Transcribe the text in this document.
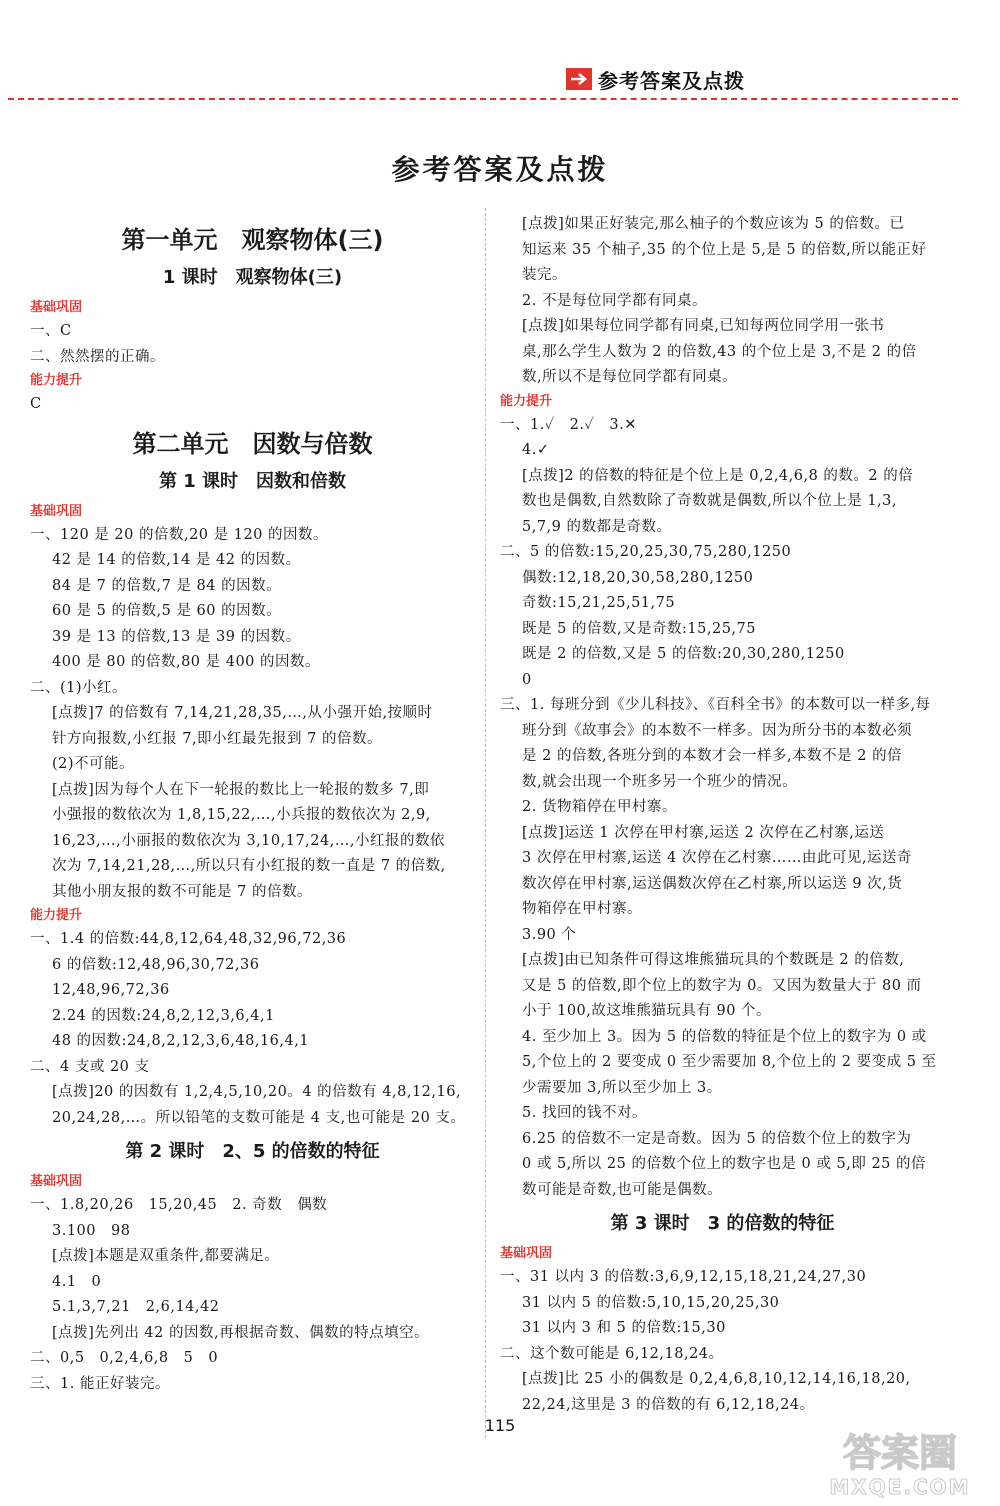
参考答案及点拨
参考答案及点拨
第一单元　观察物体(三)
1 课时　观察物体(三)
基础巩固
一、C
二、然然摆的正确。
能力提升
C
第二单元　因数与倍数
第 1 课时　因数和倍数
基础巩固
一、120 是 20 的倍数,20 是 120 的因数。
42 是 14 的倍数,14 是 42 的因数。
84 是 7 的倍数,7 是 84 的因数。
60 是 5 的倍数,5 是 60 的因数。
39 是 13 的倍数,13 是 39 的因数。
400 是 80 的倍数,80 是 400 的因数。
二、(1)小红。
[点拨]7 的倍数有 7,14,21,28,35,…,从小强开始,按顺时
针方向报数,小红报 7,即小红最先报到 7 的倍数。
(2)不可能。
[点拨]因为每个人在下一轮报的数比上一轮报的数多 7,即
小强报的数依次为 1,8,15,22,…,小兵报的数依次为 2,9,
16,23,…,小丽报的数依次为 3,10,17,24,…,小红报的数依
次为 7,14,21,28,…,所以只有小红报的数一直是 7 的倍数,
其他小朋友报的数不可能是 7 的倍数。
能力提升
一、1.4 的倍数:44,8,12,64,48,32,96,72,36
6 的倍数:12,48,96,30,72,36
12,48,96,72,36
2.24 的因数:24,8,2,12,3,6,4,1
48 的因数:24,8,2,12,3,6,48,16,4,1
二、4 支或 20 支
[点拨]20 的因数有 1,2,4,5,10,20。4 的倍数有 4,8,12,16,
20,24,28,…。所以铅笔的支数可能是 4 支,也可能是 20 支。
第 2 课时　2、5 的倍数的特征
基础巩固
一、1.8,20,26　15,20,45　2. 奇数　偶数
3.100　98
[点拨]本题是双重条件,都要满足。
4.1　0
5.1,3,7,21　2,6,14,42
[点拨]先列出 42 的因数,再根据奇数、偶数的特点填空。
二、0,5　0,2,4,6,8　5　0
三、1. 能正好装完。
[点拨]如果正好装完,那么柚子的个数应该为 5 的倍数。已
知运来 35 个柚子,35 的个位上是 5,是 5 的倍数,所以能正好
装完。
2. 不是每位同学都有同桌。
[点拨]如果每位同学都有同桌,已知每两位同学用一张书
桌,那么学生人数为 2 的倍数,43 的个位上是 3,不是 2 的倍
数,所以不是每位同学都有同桌。
能力提升
一、1.✓　2.✓　3.✕
4.✓
[点拨]2 的倍数的特征是个位上是 0,2,4,6,8 的数。2 的倍
数也是偶数,自然数除了奇数就是偶数,所以个位上是 1,3,
5,7,9 的数都是奇数。
二、5 的倍数:15,20,25,30,75,280,1250
偶数:12,18,20,30,58,280,1250
奇数:15,21,25,51,75
既是 5 的倍数,又是奇数:15,25,75
既是 2 的倍数,又是 5 的倍数:20,30,280,1250
0
三、1. 每班分到《少儿科技》、《百科全书》的本数可以一样多,每
班分到《故事会》的本数不一样多。因为所分书的本数必须
是 2 的倍数,各班分到的本数才会一样多,本数不是 2 的倍
数,就会出现一个班多另一个班少的情况。
2. 货物箱停在甲村寨。
[点拨]运送 1 次停在甲村寨,运送 2 次停在乙村寨,运送
3 次停在甲村寨,运送 4 次停在乙村寨……由此可见,运送奇
数次停在甲村寨,运送偶数次停在乙村寨,所以运送 9 次,货
物箱停在甲村寨。
3.90 个
[点拨]由已知条件可得这堆熊猫玩具的个数既是 2 的倍数,
又是 5 的倍数,即个位上的数字为 0。又因为数量大于 80 而
小于 100,故这堆熊猫玩具有 90 个。
4. 至少加上 3。因为 5 的倍数的特征是个位上的数字为 0 或
5,个位上的 2 要变成 0 至少需要加 8,个位上的 2 要变成 5 至
少需要加 3,所以至少加上 3。
5. 找回的钱不对。
6.25 的倍数不一定是奇数。因为 5 的倍数个位上的数字为
0 或 5,所以 25 的倍数个位上的数字也是 0 或 5,即 25 的倍
数可能是奇数,也可能是偶数。
第 3 课时　3 的倍数的特征
基础巩固
一、31 以内 3 的倍数:3,6,9,12,15,18,21,24,27,30
31 以内 5 的倍数:5,10,15,20,25,30
31 以内 3 和 5 的倍数:15,30
二、这个数可能是 6,12,18,24。
[点拨]比 25 小的偶数是 0,2,4,6,8,10,12,14,16,18,20,
22,24,这里是 3 的倍数的有 6,12,18,24。
115
答案圈
MXQE.COM
